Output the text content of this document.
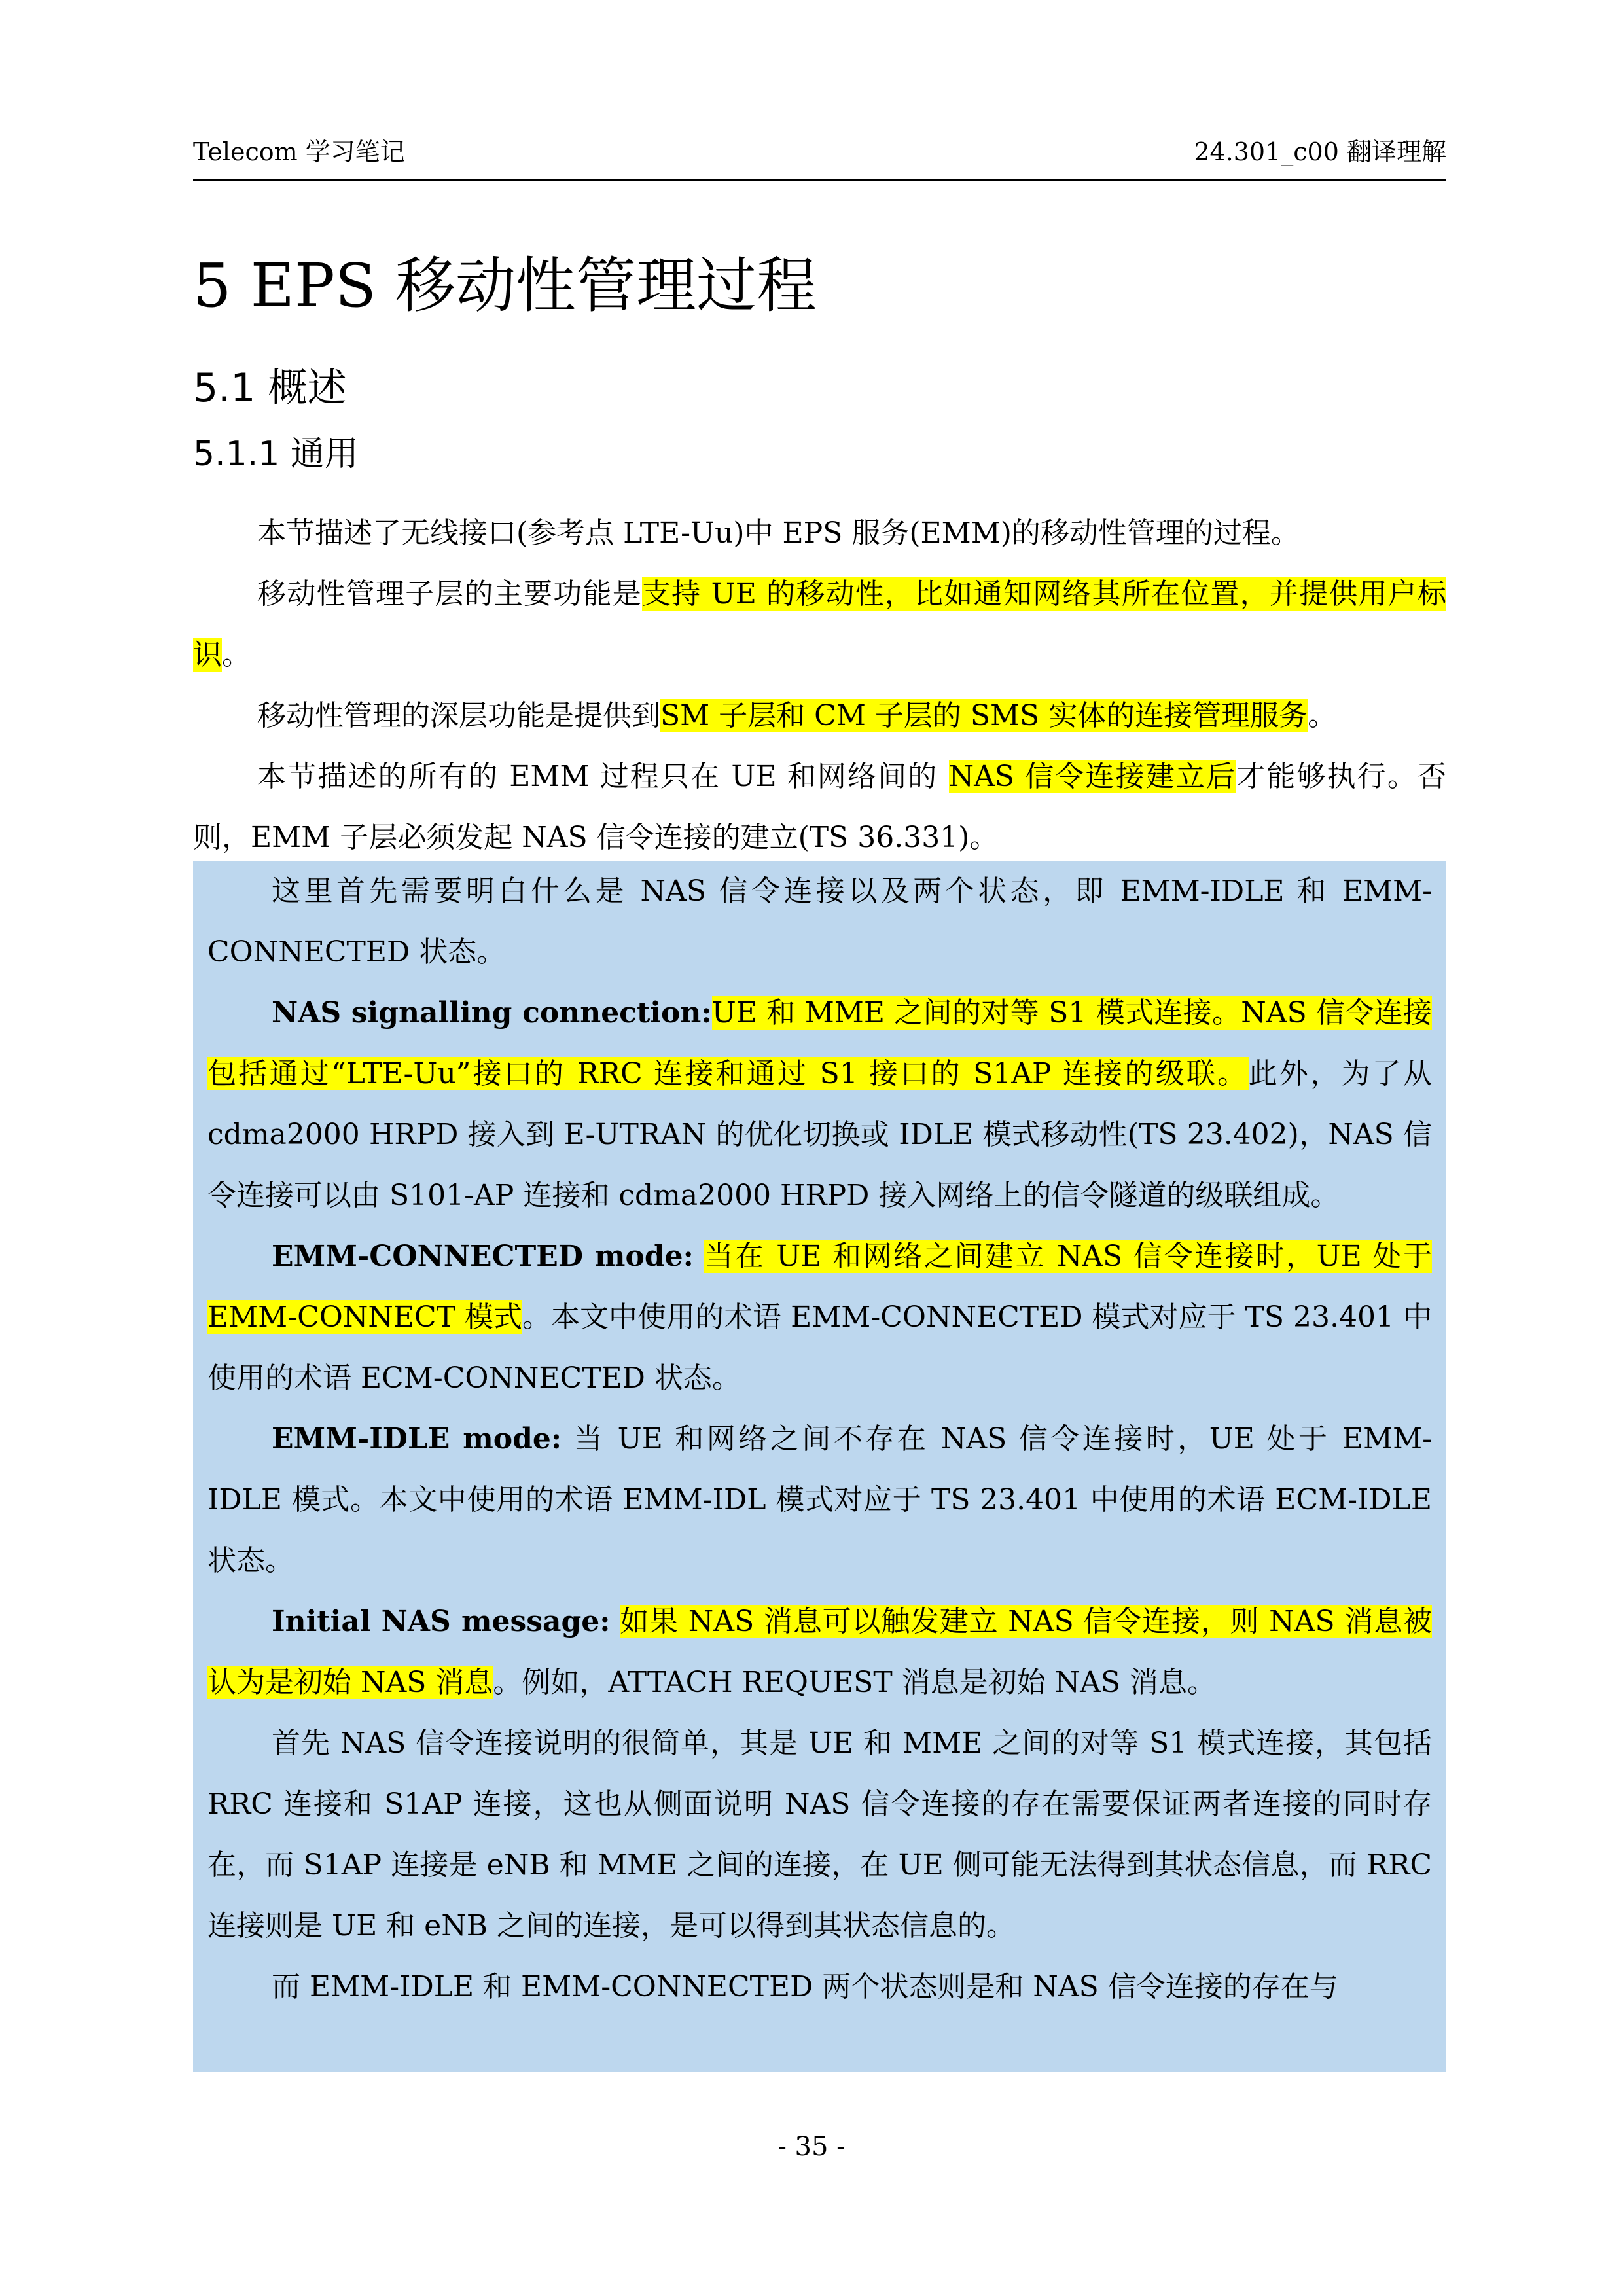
Telecom 学习笔记	24.301_c00 翻译理解
5 EPS 移动性管理过程
5.1 概述
5.1.1 通用

本节描述了无线接口(参考点 LTE-Uu)中 EPS 服务(EMM)的移动性管理的过程。

移动性管理子层的主要功能是支持 UE 的移动性，比如通知网络其所在位置，并提供用户标识。

移动性管理的深层功能是提供到SM 子层和 CM 子层的 SMS 实体的连接管理服务。

本节描述的所有的 EMM 过程只在 UE 和网络间的 NAS 信令连接建立后才能够执行。否则，EMM 子层必须发起 NAS 信令连接的建立(TS 36.331)。

这里首先需要明白什么是 NAS 信令连接以及两个状态，即 EMM-IDLE 和 EMM-CONNECTED 状态。

NAS signalling connection:UE 和 MME 之间的对等 S1 模式连接。NAS 信令连接包括通过“LTE-Uu”接口的 RRC 连接和通过 S1 接口的 S1AP 连接的级联。此外，为了从 cdma2000 HRPD 接入到 E-UTRAN 的优化切换或 IDLE 模式移动性(TS 23.402)，NAS 信令连接可以由 S101-AP 连接和 cdma2000 HRPD 接入网络上的信令隧道的级联组成。

EMM-CONNECTED mode: 当在 UE 和网络之间建立 NAS 信令连接时，UE 处于 EMM-CONNECT 模式。本文中使用的术语 EMM-CONNECTED 模式对应于 TS 23.401 中使用的术语 ECM-CONNECTED 状态。

EMM-IDLE mode: 当 UE 和网络之间不存在 NAS 信令连接时，UE 处于 EMM-IDLE 模式。本文中使用的术语 EMM-IDL 模式对应于 TS 23.401 中使用的术语 ECM-IDLE 状态。

Initial NAS message: 如果 NAS 消息可以触发建立 NAS 信令连接，则 NAS 消息被认为是初始 NAS 消息。例如，ATTACH REQUEST 消息是初始 NAS 消息。

首先 NAS 信令连接说明的很简单，其是 UE 和 MME 之间的对等 S1 模式连接，其包括 RRC 连接和 S1AP 连接，这也从侧面说明 NAS 信令连接的存在需要保证两者连接的同时存在，而 S1AP 连接是 eNB 和 MME 之间的连接，在 UE 侧可能无法得到其状态信息，而 RRC 连接则是 UE 和 eNB 之间的连接，是可以得到其状态信息的。

而 EMM-IDLE 和 EMM-CONNECTED 两个状态则是和 NAS 信令连接的存在与

- 35 -
